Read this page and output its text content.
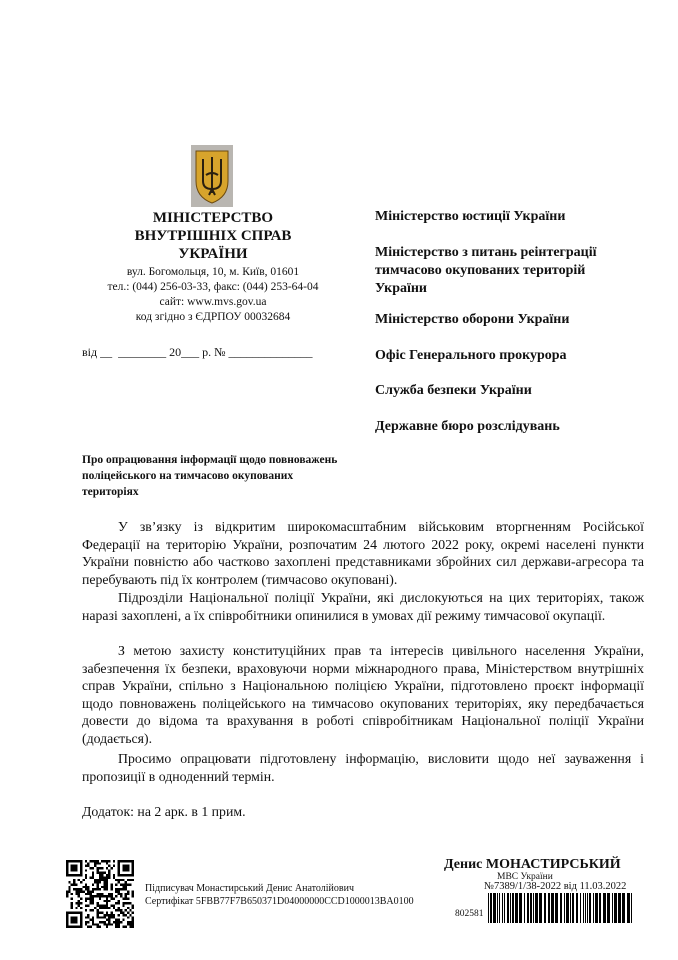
МІНІСТЕРСТВО
ВНУТРІШНІХ СПРАВ
УКРАЇНИ
вул. Богомольця, 10, м. Київ, 01601
тел.: (044) 256-03-33, факс: (044) 253-64-04
сайт: www.mvs.gov.ua
код згідно з ЄДРПОУ 00032684
від __  ________ 20___ р. № ______________
Міністерство юстиції України
Міністерство з питань реінтеграції тимчасово окупованих територій України
Міністерство оборони України
Офіс Генерального прокурора
Служба безпеки України
Державне бюро розслідувань
Про опрацювання інформації щодо повноважень поліцейського на тимчасово окупованих територіях
У зв’язку із відкритим широкомасштабним військовим вторгненням Російської Федерації на територію України, розпочатим 24 лютого 2022 року, окремі населені пункти України повністю або частково захоплені представниками збройних сил держави-агресора та перебувають під їх контролем (тимчасово окуповані).
Підрозділи Національної поліції України, які дислокуються на цих територіях, також наразі захоплені, а їх співробітники опинилися в умовах дії режиму тимчасової окупації.
З метою захисту конституційних прав та інтересів цивільного населення України, забезпечення їх безпеки, враховуючи норми міжнародного права, Міністерством внутрішніх справ України, спільно з Національною поліцією України, підготовлено проєкт інформації щодо повноважень поліцейського на тимчасово окупованих територіях, яку передбачається довести до відома та врахування в роботі співробітникам Національної поліції України (додається).
Просимо опрацювати підготовлену інформацію, висловити щодо неї зауваження і пропозиції в одноденний термін.
Додаток: на 2 арк. в 1 прим.
Підписувач Монастирський Денис Анатолійович
Сертифікат 5FBB77F7B650371D04000000CCD1000013BA0100
Денис МОНАСТИРСЬКИЙ
МВС України
№7389/1/38-2022 від 11.03.2022
802581
